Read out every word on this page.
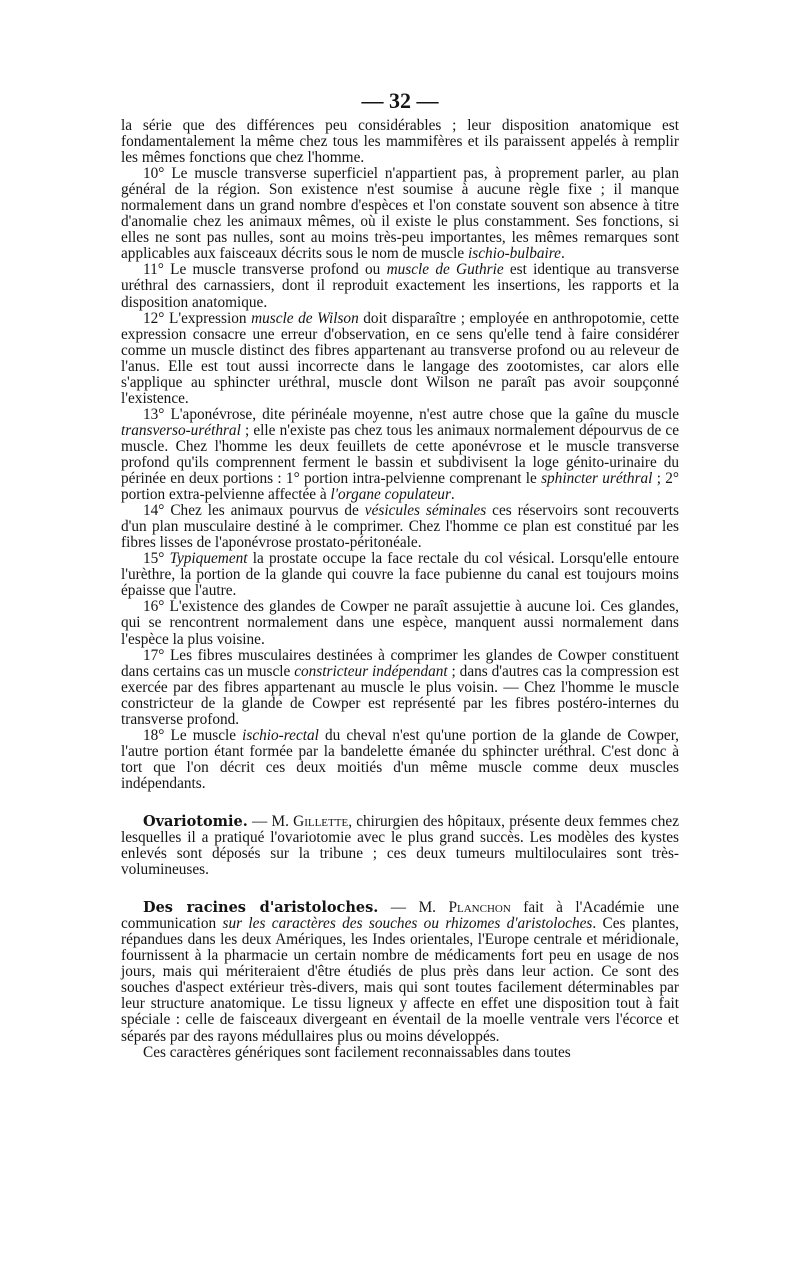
— 32 —

la série que des différences peu considérables ; leur disposition anatomique est fondamentalement la même chez tous les mammifères et ils paraissent appelés à remplir les mêmes fonctions que chez l'homme.

10° Le muscle transverse superficiel n'appartient pas, à proprement parler, au plan général de la région. Son existence n'est soumise à aucune règle fixe ; il manque normalement dans un grand nombre d'espèces et l'on constate souvent son absence à titre d'anomalie chez les animaux mêmes, où il existe le plus constamment. Ses fonctions, si elles ne sont pas nulles, sont au moins très-peu importantes, les mêmes remarques sont applicables aux faisceaux décrits sous le nom de muscle ischio-bulbaire.

11° Le muscle transverse profond ou muscle de Guthrie est identique au transverse uréthral des carnassiers, dont il reproduit exactement les insertions, les rapports et la disposition anatomique.

12° L'expression muscle de Wilson doit disparaître ; employée en anthropotomie, cette expression consacre une erreur d'observation, en ce sens qu'elle tend à faire considérer comme un muscle distinct des fibres appartenant au transverse profond ou au releveur de l'anus. Elle est tout aussi incorrecte dans le langage des zootomistes, car alors elle s'applique au sphincter uréthral, muscle dont Wilson ne paraît pas avoir soupçonné l'existence.

13° L'aponévrose, dite périnéale moyenne, n'est autre chose que la gaîne du muscle transverso-uréthral ; elle n'existe pas chez tous les animaux normalement dépourvus de ce muscle. Chez l'homme les deux feuillets de cette aponévrose et le muscle transverse profond qu'ils comprennent ferment le bassin et subdivisent la loge génito-urinaire du périnée en deux portions : 1° portion intra-pelvienne comprenant le sphincter uréthral ; 2° portion extra-pelvienne affectée à l'organe copulateur.

14° Chez les animaux pourvus de vésicules séminales ces réservoirs sont recouverts d'un plan musculaire destiné à le comprimer. Chez l'homme ce plan est constitué par les fibres lisses de l'aponévrose prostato-péritonéale.

15° Typiquement la prostate occupe la face rectale du col vésical. Lorsqu'elle entoure l'urèthre, la portion de la glande qui couvre la face pubienne du canal est toujours moins épaisse que l'autre.

16° L'existence des glandes de Cowper ne paraît assujettie à aucune loi. Ces glandes, qui se rencontrent normalement dans une espèce, manquent aussi normalement dans l'espèce la plus voisine.

17° Les fibres musculaires destinées à comprimer les glandes de Cowper constituent dans certains cas un muscle constricteur indépendant ; dans d'autres cas la compression est exercée par des fibres appartenant au muscle le plus voisin. — Chez l'homme le muscle constricteur de la glande de Cowper est représenté par les fibres postéro-internes du transverse profond.

18° Le muscle ischio-rectal du cheval n'est qu'une portion de la glande de Cowper, l'autre portion étant formée par la bandelette émanée du sphincter uréthral. C'est donc à tort que l'on décrit ces deux moitiés d'un même muscle comme deux muscles indépendants.

Ovariotomie. — M. Gillette, chirurgien des hôpitaux, présente deux femmes chez lesquelles il a pratiqué l'ovariotomie avec le plus grand succès. Les modèles des kystes enlevés sont déposés sur la tribune ; ces deux tumeurs multiloculaires sont très-volumineuses.

Des racines d'aristoloches. — M. Planchon fait à l'Académie une communication sur les caractères des souches ou rhizomes d'aristoloches. Ces plantes, répandues dans les deux Amériques, les Indes orientales, l'Europe centrale et méridionale, fournissent à la pharmacie un certain nombre de médicaments fort peu en usage de nos jours, mais qui mériteraient d'être étudiés de plus près dans leur action. Ce sont des souches d'aspect extérieur très-divers, mais qui sont toutes facilement déterminables par leur structure anatomique. Le tissu ligneux y affecte en effet une disposition tout à fait spéciale : celle de faisceaux divergeant en éventail de la moelle ventrale vers l'écorce et séparés par des rayons médullaires plus ou moins développés.

Ces caractères génériques sont facilement reconnaissables dans toutes
